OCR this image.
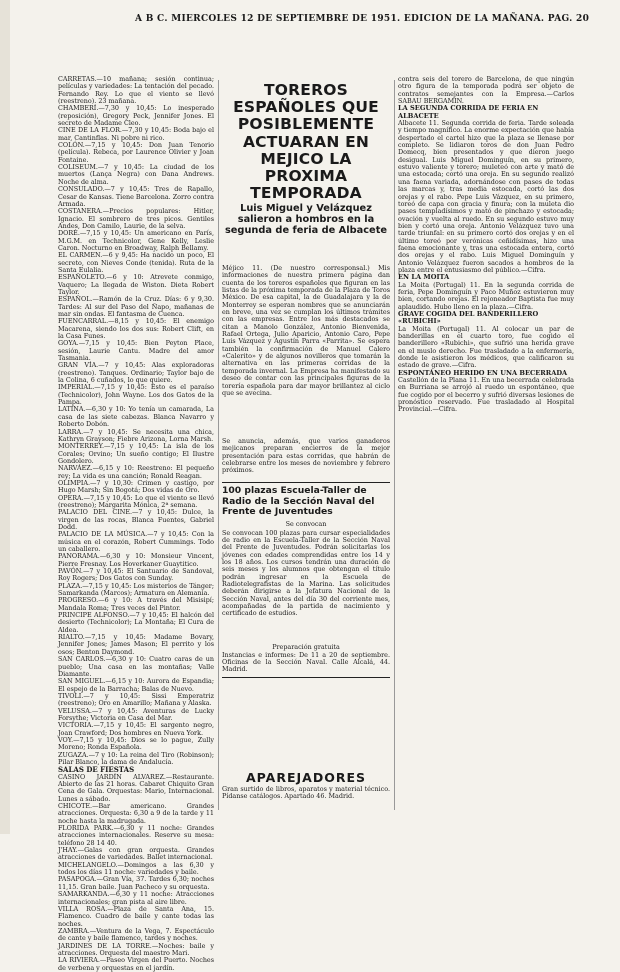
A B C. MIERCOLES 12 DE SEPTIEMBRE DE 1951. EDICION DE LA MAÑANA. PAG. 20

CARRETAS.—10 mañana; sesión continua; películas y variedades: La tentación del pecado. Fernando Rey. Lo que el viento se llevó (reestreno). 23 mañana.

CHAMBERÍ.—7,30 y 10,45: Lo inesperado (reposición), Gregory Peck, Jennifer Jones. El secreto de Madame Cleo.

CINE DE LA FLOR.—7,30 y 10,45: Boda bajo el mar, Cantinflas. Ni pobre ni rico.

COLÓN.—7,15 y 10,45: Don Juan Tenorio (película). Rebeca, por Laurence Olivier y Joan Fontaine.

COLISEUM.—7 y 10,45: La ciudad de los muertos (Lança Negra) con Dana Andrews. Noche de alma.

CONSULADO.—7 y 10,45: Tres de Rapallo, Cesar de Kansas. Tiene Barcelona. Zorro contra Armada.

COSTANERA.—Precios populares: Hitler, Ignacio. El sombrero de tres picos. Gentiles Andes, Don Camilo, Laurie, de la selva.

DORÉ.—7,15 y 10,45: Un americano en París, M.G.M. en Technicolor, Gene Kelly, Leslie Caron. Nocturno en Broadway, Ralph Bellamy.

EL CARMEN.—6 y 9,45: Ha nacido un poco, El secreto, con Nieves Conde (tenida). Ruta de la Santa Eulalia.

ESPAÑOLETO.—6 y 10: Atrevete conmigo, Vaquero; La llegada de Wiston. Dieta Robert Taylor.

ESPAÑOL.—Ramón de la Cruz. Días: 6 y 9,30. Tardes: Al sur del Paso del Ñapo, mañanas de mar sin ondas. El fantasma de Cuenca.

FUENCARRAL.—8,15 y 10,45: El enemigo Macarena, siendo los dos sus: Robert Clift, en la Casa Funes.

GOYA.—7,15 y 10,45: Bien Peyton Place, sesión, Laurie Cantu. Madre del amor Tasmania.

GRAN VÍA.—7 y 10,45: Alas exploradoras (reestreno). Tanques. Ordinario; Taylor bajo de la Colina, 6 cuñados, lo que quiere.

IMPERIAL.—7,15 y 10,45: Esto es el paraíso (Technicolor), John Wayne. Los dos Gatos de la Pampa.

LATINA.—6,30 y 10: Yo tenía un camarada, La casa de las siete cabezas. Blanca Navarro y Roberto Dobón.

LARRA.—7 y 10,45: Se necesita una chica, Kathryn Grayson; Fiebre Arizona, Lorna Marsh.

MONTERREY.—7,15 y 10,45: La isla de los Corales; Orvino; Un sueño contigo; El Ilustre Gondolero.

NARVÁEZ.—6,15 y 10: Reestreno: El pequeño rey; La vida es una canción; Ronald Reagan.

OLIMPIA.—7 y 10,30: Crimen y castigo, por Hugo Marsh; Sin Bogotá; Dos vidas de Oro.

OPERA.—7,15 y 10,45: Lo que el viento se llevó (reestreno); Margarita Mónica, 2ª semana.

PALACIO DEL CINE.—7 y 10,45: Dulce, la virgen de las rocas, Blanca Fuentes, Gabriel Dodd.

PALACIO DE LA MÚSICA.—7 y 10,45: Con la música en el corazón, Robert Cummings. Todo un caballero.

PANORAMA.—6,30 y 10: Monsieur Vincent, Pierre Fresnay. Los Hoverkaner Guaytitico.

PAVÓN.—7 y 10,45: El Santuario de Sandoval, Roy Rogers; Dos Gatos con Sunday.

PLAZA.—7,15 y 10,45: Los misterios de Tánger; Samarkanda (Marcos); Armatura en Alemania.

PROGRESO.—6 y 10: A través del Misisipí; Mandala Roma; Tres veces del Pintor.

PRINCIPE ALFONSO.—7 y 10,45: El halcón del desierto (Technicolor); La Montaña; El Cura de Aldea.

RIALTO.—7,15 y 10,45: Madame Bovary, Jennifer Jones; James Mason; El perrito y los osos; Benton Daymond.

SAN CARLOS.—6,30 y 10: Cuatro caras de un pueblo; Una casa en las montañas; Valle Diamante.

SAN MIGUEL.—6,15 y 10: Aurora de Espandia; El espejo de la Barracha; Balas de Nuevo.

TIVOLI.—7 y 10,45: Sissi Emperatriz (reestreno); Oro en Amarillo; Mañana y Alaska.

VELUSSA.—7 y 10,45: Aventuras de Lucky Forsythe; Victoria en Casa del Mar.

VICTORIA.—7,15 y 10,45: El sargento negro, Joan Crawford; Dos hombres en Nueva York.

VOY.—7,15 y 10,45: Dios se lo pague, Zully Moreno; Ronda Española.

ZUGAZA.—7 y 10: La reina del Tiro (Robinson); Pilar Blanco, la dama de Andalucía.

SALAS DE FIESTAS

CASINO JARDÍN ALVAREZ.—Restaurante. Abierto de las 21 horas. Cabaret Chiquito Gran Cena de Gala. Orquestas: Mario, Internacional. Lunes a sábado.

CHICOTE.—Bar americano. Grandes atracciones. Orquesta: 6,30 a 9 de la tarde y 11 noche hasta la madrugada.

FLORIDA PARK.—6,30 y 11 noche: Grandes atracciones internacionales. Reserve su mesa: teléfono 28 14 40.

J'HAY.—Galas con gran orquesta. Grandes atracciones de variedades. Ballet internacional.

MICHELANGELO.—Domingos a las 6,30 y todos los días 11 noche: variedades y baile.

PASAPOGA.—Gran Vía, 37. Tardes 6,30; noches 11,15. Gran baile. Juan Pacheco y su orquesta.

SAMARKANDA.—6,30 y 11 noche: Atracciones internacionales; gran pista al aire libre.

VILLA ROSA.—Plaza de Santa Ana, 15. Flamenco. Cuadro de baile y cante todas las noches.

ZAMBRA.—Ventura de la Vega, 7. Espectáculo de cante y baile flamenco, tardes y noches.

JARDINES DE LA TORRE.—Noches: baile y atracciones. Orquesta del maestro Mari.

LA RIVIERA.—Paseo Virgen del Puerto. Noches de verbena y orquestas en el jardín.

TOREROS ESPAÑOLES QUE POSIBLEMENTE ACTUARAN EN MEJICO LA PROXIMA TEMPORADA

Luis Miguel y Velázquez salieron a hombros en la segunda de feria de Albacete

Méjico 11. (De nuestro corresponsal.) Mis informaciones de nuestra primera página dan cuenta de los toreros españoles que figuran en las listas de la próxima temporada de la Plaza de Toros México. De esa capital, la de Guadalajara y la de Monterrey se esperan nombres que se anunciarán en breve, una vez se cumplan los últimos trámites con las empresas. Entre los más destacados se citan a Manolo González, Antonio Bienvenida, Rafael Ortega, Julio Aparicio, Antonio Caro, Pepe Luis Vázquez y Agustín Parra «Parrita». Se espera también la confirmación de Manuel Calero «Calerito» y de algunos novilleros que tomarán la alternativa en las primeras corridas de la temporada invernal. La Empresa ha manifestado su deseo de contar con las principales figuras de la torería española para dar mayor brillantez al ciclo que se avecina.
Se anuncia, además, que varios ganaderos mejicanos preparan encierros de la mejor presentación para estas corridas, que habrán de celebrarse entre los meses de noviembre y febrero próximos.

100 plazas Escuela-Taller de Radio de la Sección Naval del Frente de Juventudes

Se convocan

Se convocan 100 plazas para cursar especialidades de radio en la Escuela-Taller de la Sección Naval del Frente de Juventudes. Podrán solicitarlas los jóvenes con edades comprendidas entre los 14 y los 18 años. Los cursos tendrán una duración de seis meses y los alumnos que obtengan el título podrán ingresar en la Escuela de Radiotelegrafistas de la Marina. Las solicitudes deberán dirigirse a la Jefatura Nacional de la Sección Naval, antes del día 30 del corriente mes, acompañadas de la partida de nacimiento y certificado de estudios.

Preparación gratuita

Instancias e informes: De 11 a 20 de septiembre. Oficinas de la Sección Naval. Calle Alcalá, 44. Madrid.

APAREJADORES

Gran surtido de libros, aparatos y material técnico. Pídanse catálogos. Apartado 46. Madrid.

contra seis del torero de Barcelona, de que ningún otro figura de la temporada podrá ser objeto de contratos semejantes con la Empresa.—Carlos SABAU BERGAMIN.

LA SEGUNDA CORRIDA DE FERIA EN ALBACETE

Albacete 11. Segunda corrida de feria. Tarde soleada y tiempo magnífico. La enorme expectación que había despertado el cartel hizo que la plaza se llenase por completo. Se lidiaron toros de don Juan Pedro Domecq, bien presentados y que dieron juego desigual. Luis Miguel Dominguín, en su primero, estuvo valiente y torero; muleteó con arte y mató de una estocada; cortó una oreja. En su segundo realizó una faena variada, adornándose con pases de todas las marcas y, tras media estocada, cortó las dos orejas y el rabo. Pepe Luis Vázquez, en su primero, toreó de capa con gracia y finura; con la muleta dio pases templadísimos y mató de pinchazo y estocada; ovación y vuelta al ruedo. En su segundo estuvo muy bien y cortó una oreja. Antonio Velázquez tuvo una tarde triunfal: en su primero cortó dos orejas y en el último toreó por verónicas ceñidísimas, hizo una faena emocionante y, tras una estocada entera, cortó dos orejas y el rabo. Luis Miguel Dominguín y Antonio Velázquez fueron sacados a hombros de la plaza entre el entusiasmo del público.—Cifra.

EN LA MOITA

La Moita (Portugal) 11. En la segunda corrida de feria, Pepe Dominguín y Paco Muñoz estuvieron muy bien, cortando orejas. El rejoneador Baptista fue muy aplaudido. Hubo lleno en la plaza.—Cifra.

GRAVE COGIDA DEL BANDERILLERO «RUBICHI»

La Moita (Portugal) 11. Al colocar un par de banderillas en el cuarto toro, fue cogido el banderillero «Rubichi», que sufrió una herida grave en el muslo derecho. Fue trasladado a la enfermería, donde le asistieron los médicos, que calificaron su estado de grave.—Cifra.

ESPONTÁNEO HERIDO EN UNA BECERRADA

Castellón de la Plana 11. En una becerrada celebrada en Burriana se arrojó al ruedo un espontáneo, que fue cogido por el becerro y sufrió diversas lesiones de pronóstico reservado. Fue trasladado al Hospital Provincial.—Cifra.
